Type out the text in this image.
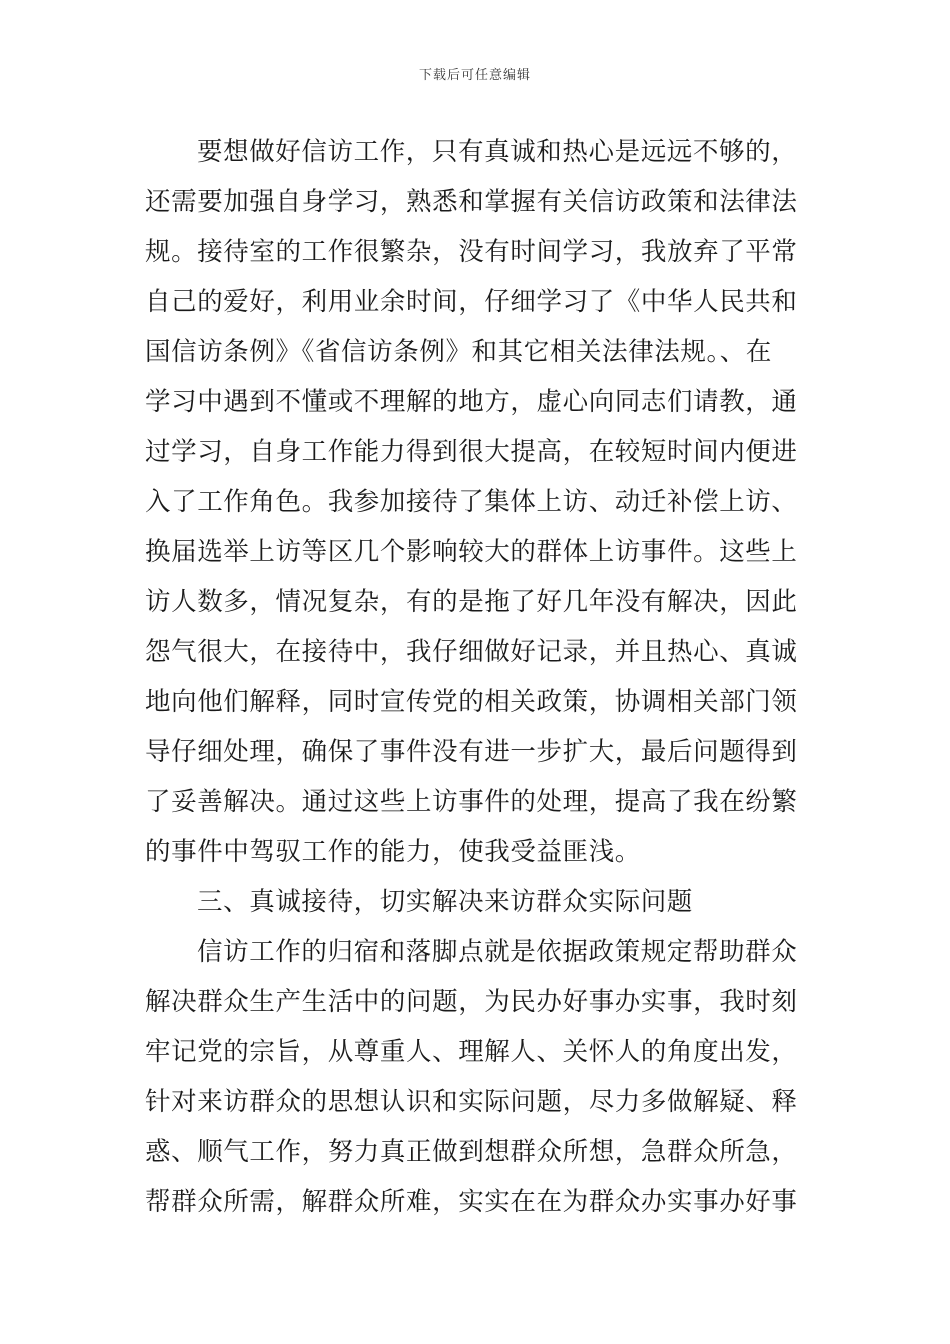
下载后可任意编辑
要想做好信访工作，只有真诚和热心是远远不够的，
还需要加强自身学习，熟悉和掌握有关信访政策和法律法
规。接待室的工作很繁杂，没有时间学习，我放弃了平常
自己的爱好，利用业余时间，仔细学习了《中华人民共和
国信访条例》《省信访条例》和其它相关法律法规。、在
学习中遇到不懂或不理解的地方，虚心向同志们请教，通
过学习，自身工作能力得到很大提高，在较短时间内便进
入了工作角色。我参加接待了集体上访、动迁补偿上访、
换届选举上访等区几个影响较大的群体上访事件。这些上
访人数多，情况复杂，有的是拖了好几年没有解决，因此
怨气很大，在接待中，我仔细做好记录，并且热心、真诚
地向他们解释，同时宣传党的相关政策，协调相关部门领
导仔细处理，确保了事件没有进一步扩大，最后问题得到
了妥善解决。通过这些上访事件的处理，提高了我在纷繁
的事件中驾驭工作的能力，使我受益匪浅。
三、真诚接待，切实解决来访群众实际问题
信访工作的归宿和落脚点就是依据政策规定帮助群众
解决群众生产生活中的问题，为民办好事办实事，我时刻
牢记党的宗旨，从尊重人、理解人、关怀人的角度出发，
针对来访群众的思想认识和实际问题，尽力多做解疑、释
惑、顺气工作，努力真正做到想群众所想，急群众所急，
帮群众所需，解群众所难，实实在在为群众办实事办好事
